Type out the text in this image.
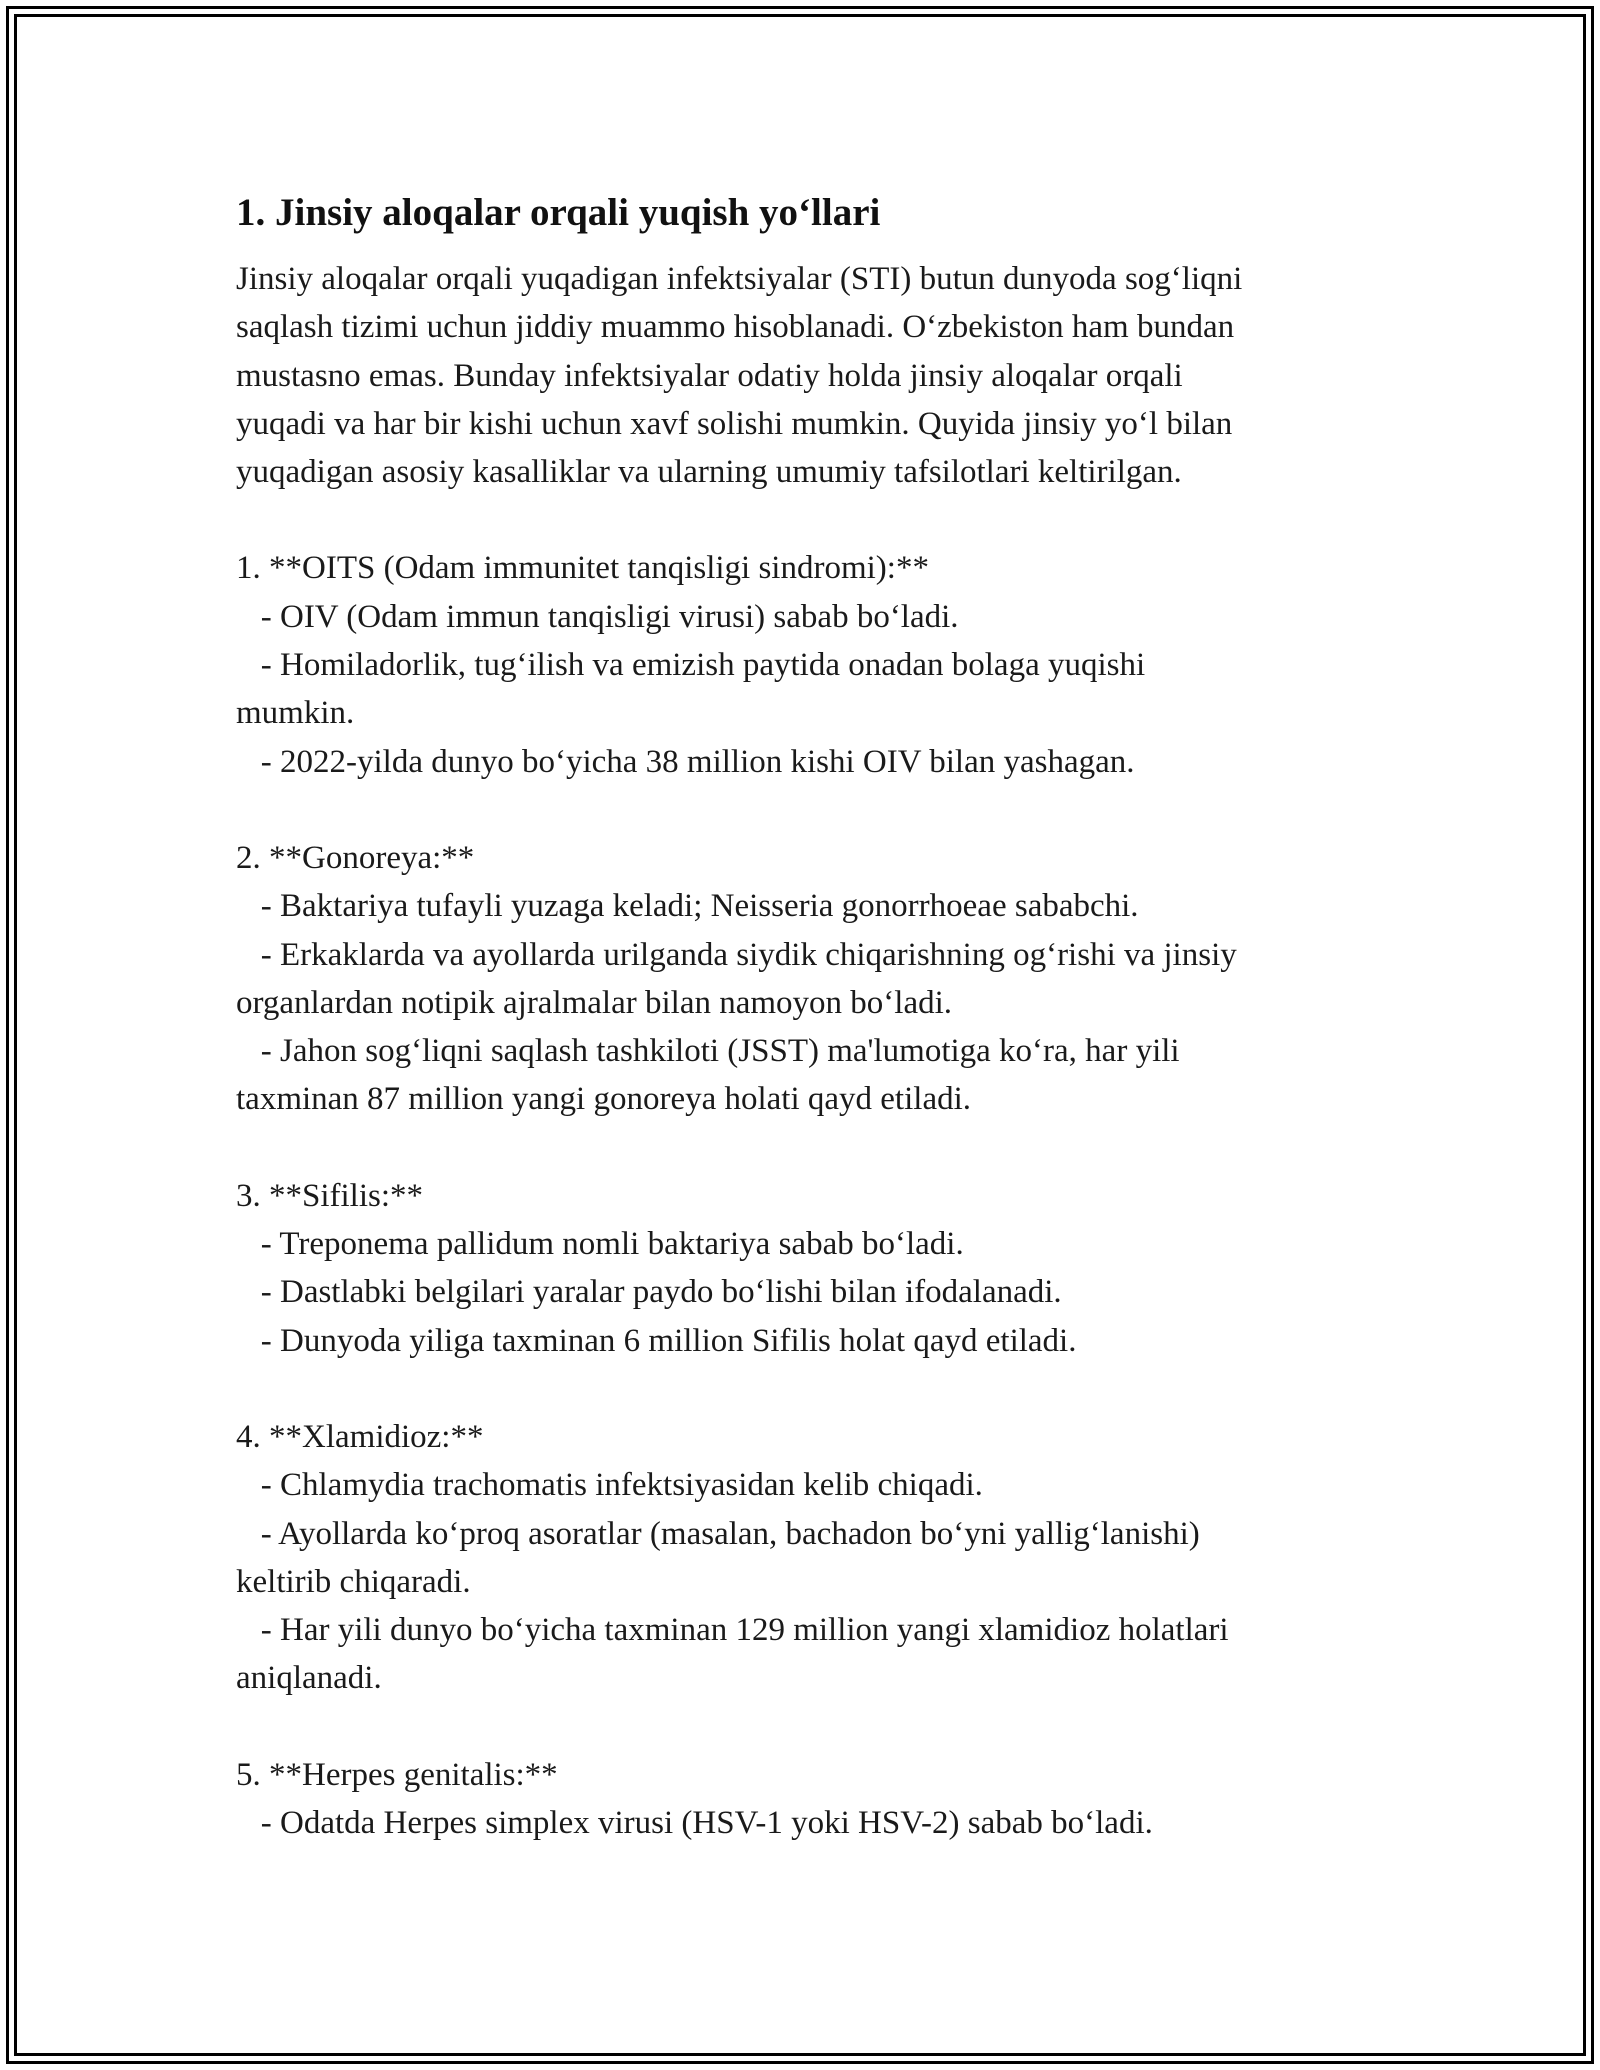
1. Jinsiy aloqalar orqali yuqish yo‘llari

Jinsiy aloqalar orqali yuqadigan infektsiyalar (STI) butun dunyoda sog‘liqni
saqlash tizimi uchun jiddiy muammo hisoblanadi. O‘zbekiston ham bundan
mustasno emas. Bunday infektsiyalar odatiy holda jinsiy aloqalar orqali
yuqadi va har bir kishi uchun xavf solishi mumkin. Quyida jinsiy yo‘l bilan
yuqadigan asosiy kasalliklar va ularning umumiy tafsilotlari keltirilgan.

1. **OITS (Odam immunitet tanqisligi sindromi):**

- OIV (Odam immun tanqisligi virusi) sabab bo‘ladi.

- Homiladorlik, tug‘ilish va emizish paytida onadan bolaga yuqishi
mumkin.

- 2022-yilda dunyo bo‘yicha 38 million kishi OIV bilan yashagan.

2. **Gonoreya:**

- Baktariya tufayli yuzaga keladi; Neisseria gonorrhoeae sababchi.

- Erkaklarda va ayollarda urilganda siydik chiqarishning og‘rishi va jinsiy
organlardan notipik ajralmalar bilan namoyon bo‘ladi.

- Jahon sog‘liqni saqlash tashkiloti (JSST) ma'lumotiga ko‘ra, har yili
taxminan 87 million yangi gonoreya holati qayd etiladi.

3. **Sifilis:**

- Treponema pallidum nomli baktariya sabab bo‘ladi.

- Dastlabki belgilari yaralar paydo bo‘lishi bilan ifodalanadi.

- Dunyoda yiliga taxminan 6 million Sifilis holat qayd etiladi.

4. **Xlamidioz:**

- Chlamydia trachomatis infektsiyasidan kelib chiqadi.

- Ayollarda ko‘proq asoratlar (masalan, bachadon bo‘yni yallig‘lanishi)
keltirib chiqaradi.

- Har yili dunyo bo‘yicha taxminan 129 million yangi xlamidioz holatlari
aniqlanadi.

5. **Herpes genitalis:**

- Odatda Herpes simplex virusi (HSV-1 yoki HSV-2) sabab bo‘ladi.
